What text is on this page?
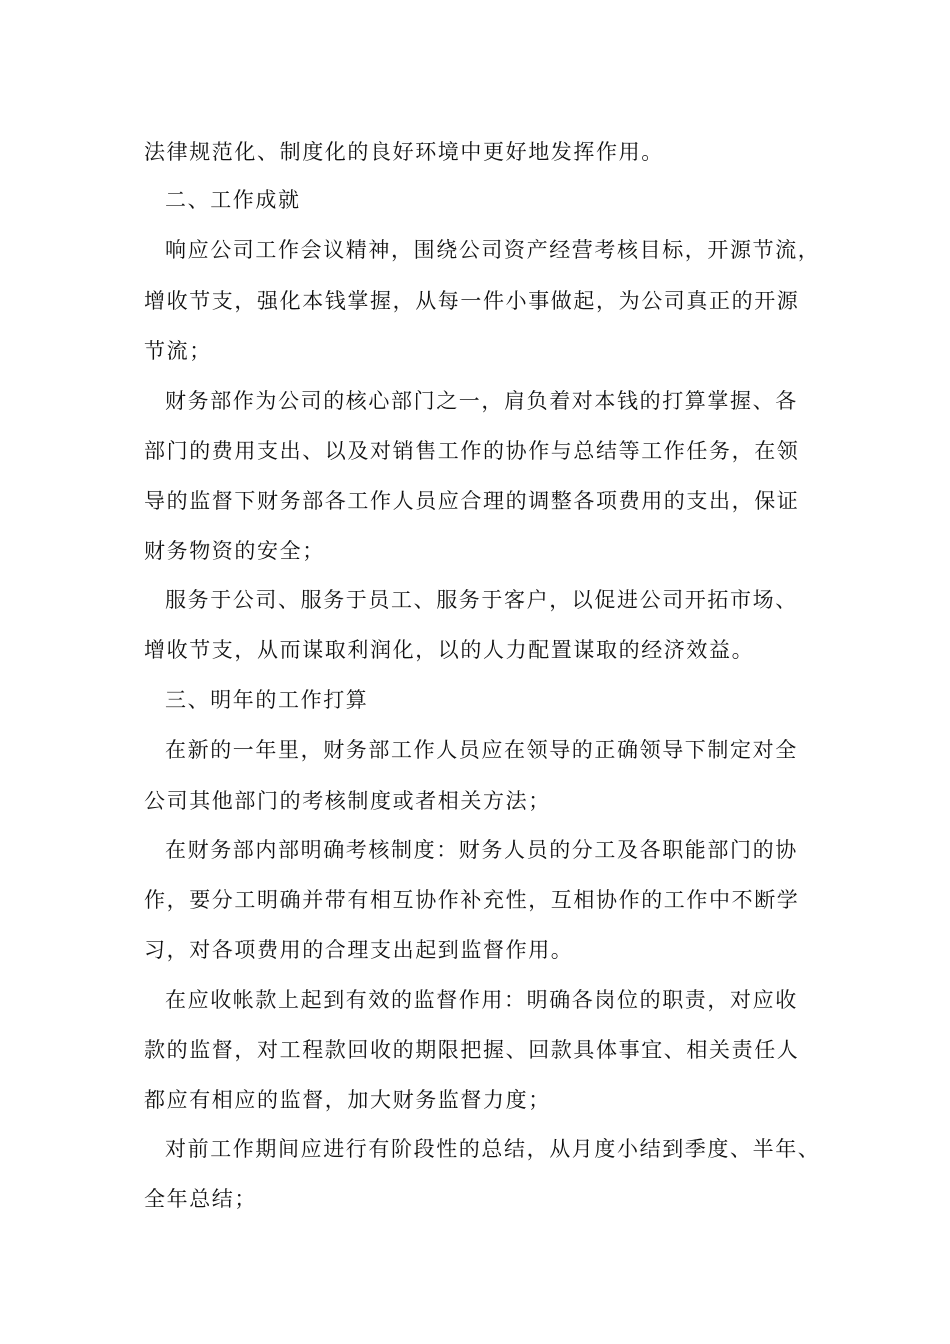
法律规范化、制度化的良好环境中更好地发挥作用。
二、工作成就
响应公司工作会议精神，围绕公司资产经营考核目标，开源节流，
增收节支，强化本钱掌握，从每一件小事做起，为公司真正的开源
节流；
财务部作为公司的核心部门之一，肩负着对本钱的打算掌握、各
部门的费用支出、以及对销售工作的协作与总结等工作任务，在领
导的监督下财务部各工作人员应合理的调整各项费用的支出，保证
财务物资的安全；
服务于公司、服务于员工、服务于客户，以促进公司开拓市场、
增收节支，从而谋取利润化，以的人力配置谋取的经济效益。
三、明年的工作打算
在新的一年里，财务部工作人员应在领导的正确领导下制定对全
公司其他部门的考核制度或者相关方法；
在财务部内部明确考核制度：财务人员的分工及各职能部门的协
作，要分工明确并带有相互协作补充性，互相协作的工作中不断学
习，对各项费用的合理支出起到监督作用。
在应收帐款上起到有效的监督作用：明确各岗位的职责，对应收
款的监督，对工程款回收的期限把握、回款具体事宜、相关责任人
都应有相应的监督，加大财务监督力度；
对前工作期间应进行有阶段性的总结，从月度小结到季度、半年、
全年总结；
